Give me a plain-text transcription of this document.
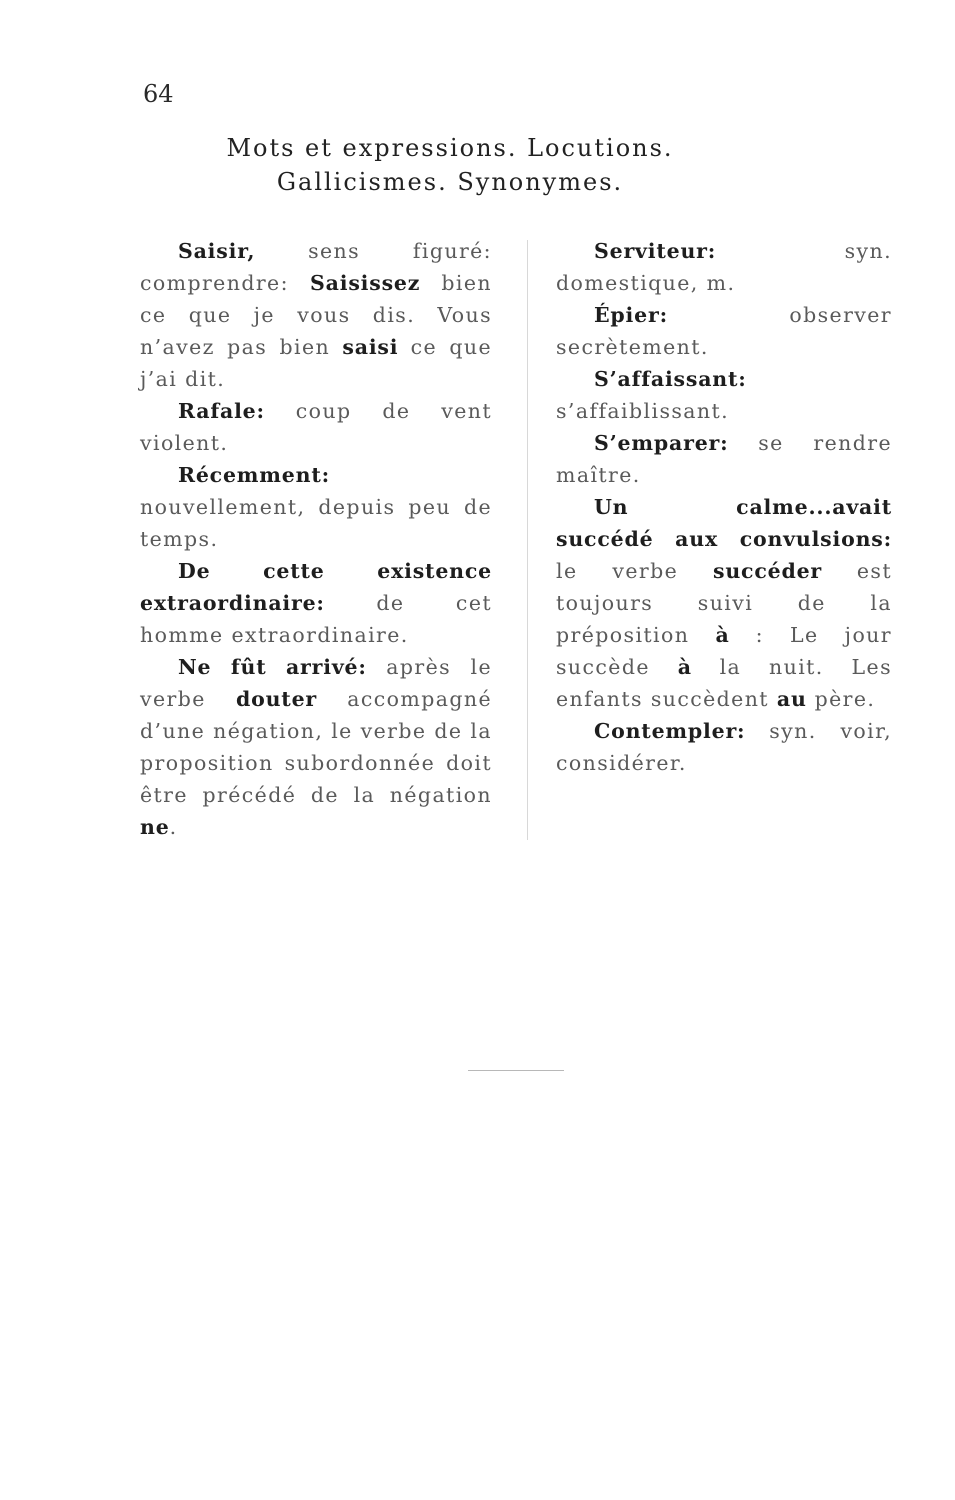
64
Mots et expressions. Locutions.
Gallicismes. Synonymes.

Saisir, sens figuré: comprendre: Saisissez bien ce que je vous dis. Vous n’avez pas bien saisi ce que j’ai dit.

Rafale: coup de vent violent.

Récemment: nouvellement, depuis peu de temps.

De cette existence extraordinaire: de cet homme extraordinaire.

Ne fût arrivé: après le verbe douter accompagné d’une négation, le verbe de la proposition subordonnée doit être précédé de la négation ne.

Serviteur: syn. domestique, m.

Épier: observer secrètement.

S’affaissant: s’affaiblissant.

S’emparer: se rendre maître.

Un calme...avait succédé aux convulsions: le verbe succéder est toujours suivi de la préposition à : Le jour succède à la nuit. Les enfants succèdent au père.

Contempler: syn. voir, considérer.
